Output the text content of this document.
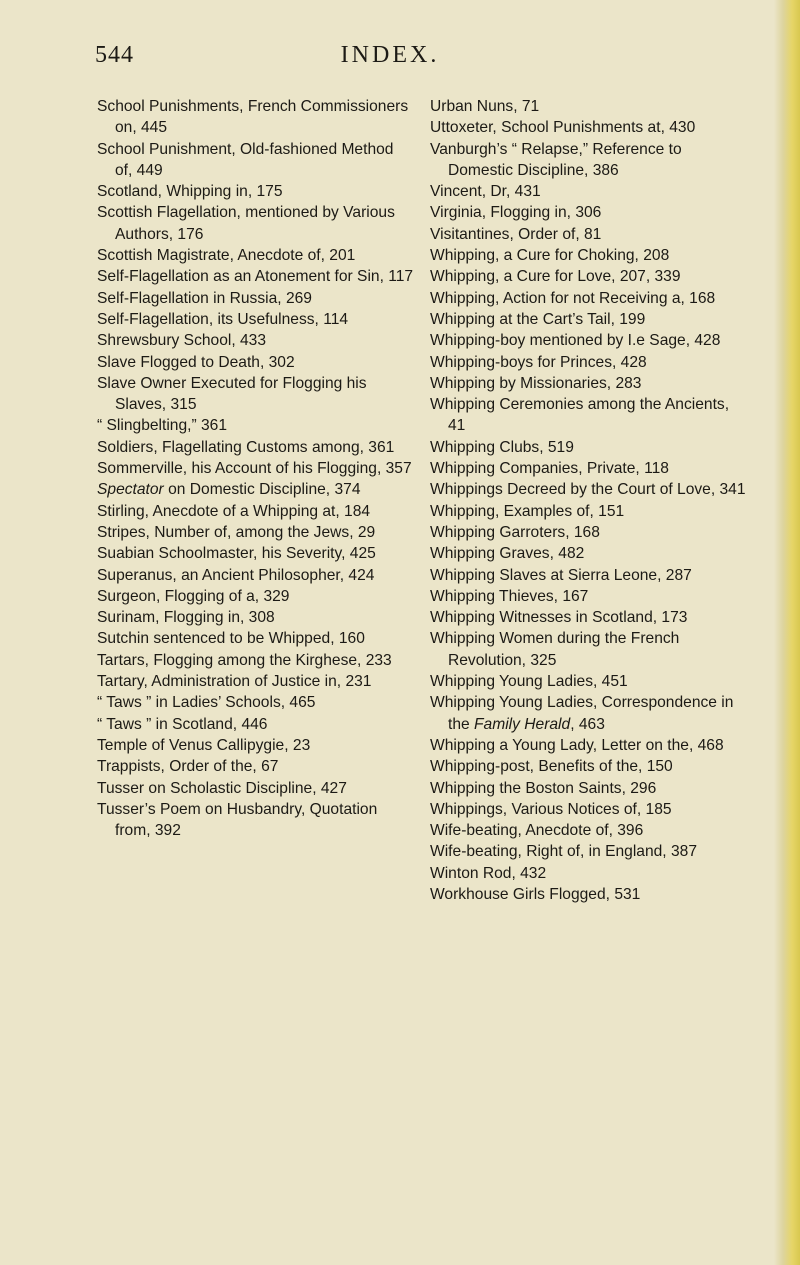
544	INDEX.

School Punishments, French Commissioners on, 445

School Punishment, Old-fashioned Method of, 449

Scotland, Whipping in, 175

Scottish Flagellation, mentioned by Various Authors, 176

Scottish Magistrate, Anecdote of, 201

Self-Flagellation as an Atonement for Sin, 117

Self-Flagellation in Russia, 269

Self-Flagellation, its Usefulness, 114

Shrewsbury School, 433

Slave Flogged to Death, 302

Slave Owner Executed for Flogging his Slaves, 315

“ Slingbelting,” 361

Soldiers, Flagellating Customs among, 361

Sommerville, his Account of his Flogging, 357

Spectator on Domestic Discipline, 374

Stirling, Anecdote of a Whipping at, 184

Stripes, Number of, among the Jews, 29

Suabian Schoolmaster, his Severity, 425

Superanus, an Ancient Philosopher, 424

Surgeon, Flogging of a, 329

Surinam, Flogging in, 308

Sutchin sentenced to be Whipped, 160

Tartars, Flogging among the Kirghese, 233

Tartary, Administration of Justice in, 231

“ Taws ” in Ladies’ Schools, 465

“ Taws ” in Scotland, 446

Temple of Venus Callipygie, 23

Trappists, Order of the, 67

Tusser on Scholastic Discipline, 427

Tusser’s Poem on Husbandry, Quotation from, 392

Urban Nuns, 71

Uttoxeter, School Punishments at, 430

Vanburgh’s “ Relapse,” Reference to Domestic Discipline, 386

Vincent, Dr, 431

Virginia, Flogging in, 306

Visitantines, Order of, 81

Whipping, a Cure for Choking, 208

Whipping, a Cure for Love, 207, 339

Whipping, Action for not Receiving a, 168

Whipping at the Cart’s Tail, 199

Whipping-boy mentioned by I.e Sage, 428

Whipping-boys for Princes, 428

Whipping by Missionaries, 283

Whipping Ceremonies among the Ancients, 41

Whipping Clubs, 519

Whipping Companies, Private, 118

Whippings Decreed by the Court of Love, 341

Whipping, Examples of, 151

Whipping Garroters, 168

Whipping Graves, 482

Whipping Slaves at Sierra Leone, 287

Whipping Thieves, 167

Whipping Witnesses in Scotland, 173

Whipping Women during the French Revolution, 325

Whipping Young Ladies, 451

Whipping Young Ladies, Correspondence in the Family Herald, 463

Whipping a Young Lady, Letter on the, 468

Whipping-post, Benefits of the, 150

Whipping the Boston Saints, 296

Whippings, Various Notices of, 185

Wife-beating, Anecdote of, 396

Wife-beating, Right of, in England, 387

Winton Rod, 432

Workhouse Girls Flogged, 531
